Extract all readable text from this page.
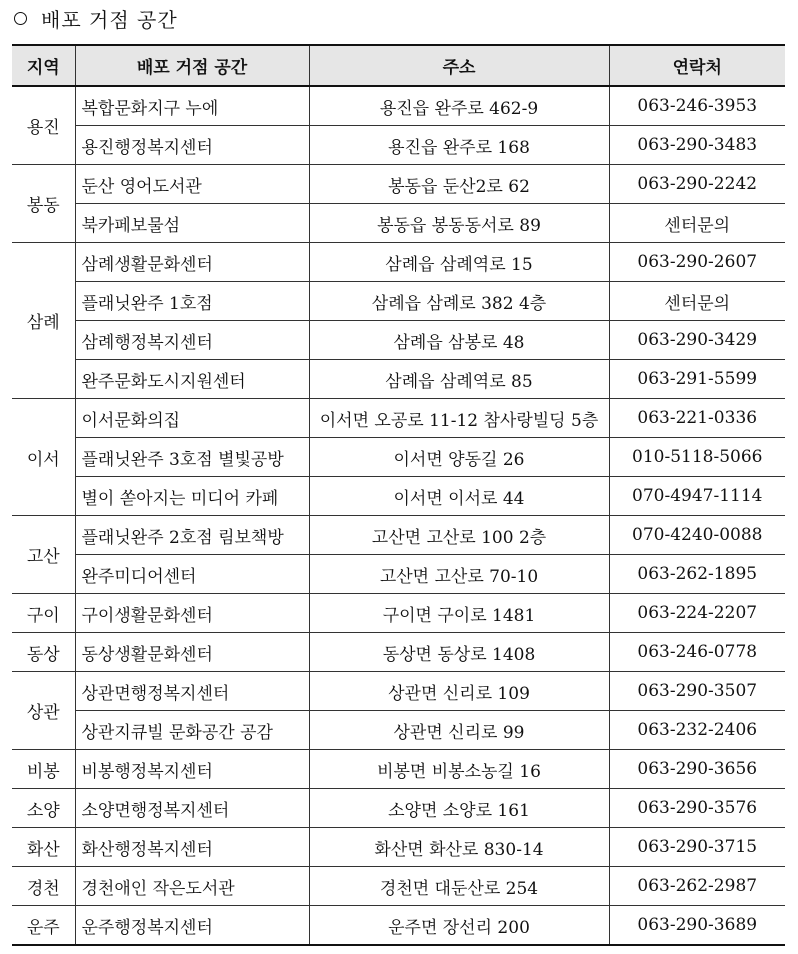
배포 거점 공간
지역	배포 거점 공간	주소	연락처
용진	복합문화지구 누에	용진읍 완주로 462-9	063-246-3953
	용진행정복지센터	용진읍 완주로 168	063-290-3483
봉동	둔산 영어도서관	봉동읍 둔산2로 62	063-290-2242
	북카페보물섬	봉동읍 봉동동서로 89	센터문의
삼례	삼례생활문화센터	삼례읍 삼례역로 15	063-290-2607
	플래닛완주 1호점	삼례읍 삼례로 382 4층	센터문의
	삼례행정복지센터	삼례읍 삼봉로 48	063-290-3429
	완주문화도시지원센터	삼례읍 삼례역로 85	063-291-5599
이서	이서문화의집	이서면 오공로 11-12 참사랑빌딩 5층	063-221-0336
	플래닛완주 3호점 별빛공방	이서면 양동길 26	010-5118-5066
	별이 쏟아지는 미디어 카페	이서면 이서로 44	070-4947-1114
고산	플래닛완주 2호점 림보책방	고산면 고산로 100 2층	070-4240-0088
	완주미디어센터	고산면 고산로 70-10	063-262-1895
구이	구이생활문화센터	구이면 구이로 1481	063-224-2207
동상	동상생활문화센터	동상면 동상로 1408	063-246-0778
상관	상관면행정복지센터	상관면 신리로 109	063-290-3507
	상관지큐빌 문화공간 공감	상관면 신리로 99	063-232-2406
비봉	비봉행정복지센터	비봉면 비봉소농길 16	063-290-3656
소양	소양면행정복지센터	소양면 소양로 161	063-290-3576
화산	화산행정복지센터	화산면 화산로 830-14	063-290-3715
경천	경천애인 작은도서관	경천면 대둔산로 254	063-262-2987
운주	운주행정복지센터	운주면 장선리 200	063-290-3689
